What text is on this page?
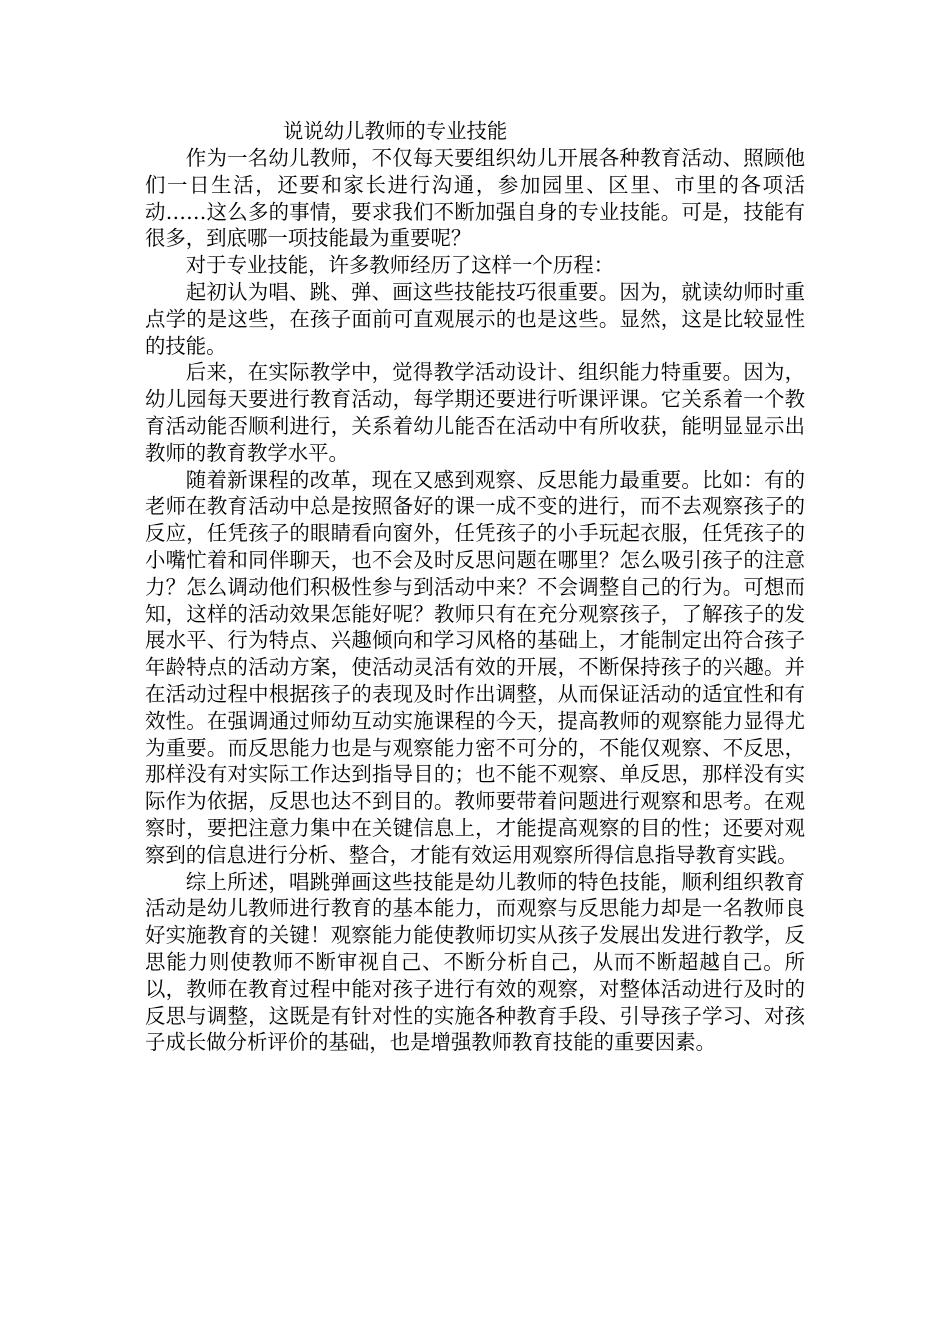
说说幼儿教师的专业技能

作为一名幼儿教师，不仅每天要组织幼儿开展各种教育活动、照顾他们一日生活，还要和家长进行沟通，参加园里、区里、市里的各项活动……这么多的事情，要求我们不断加强自身的专业技能。可是，技能有很多，到底哪一项技能最为重要呢？

对于专业技能，许多教师经历了这样一个历程：

起初认为唱、跳、弹、画这些技能技巧很重要。因为，就读幼师时重点学的是这些，在孩子面前可直观展示的也是这些。显然，这是比较显性的技能。

后来，在实际教学中，觉得教学活动设计、组织能力特重要。因为，幼儿园每天要进行教育活动，每学期还要进行听课评课。它关系着一个教育活动能否顺利进行，关系着幼儿能否在活动中有所收获，能明显显示出教师的教育教学水平。

随着新课程的改革，现在又感到观察、反思能力最重要。比如：有的老师在教育活动中总是按照备好的课一成不变的进行，而不去观察孩子的反应，任凭孩子的眼睛看向窗外，任凭孩子的小手玩起衣服，任凭孩子的小嘴忙着和同伴聊天，也不会及时反思问题在哪里？怎么吸引孩子的注意力？怎么调动他们积极性参与到活动中来？不会调整自己的行为。可想而知，这样的活动效果怎能好呢？教师只有在充分观察孩子，了解孩子的发展水平、行为特点、兴趣倾向和学习风格的基础上，才能制定出符合孩子年龄特点的活动方案，使活动灵活有效的开展，不断保持孩子的兴趣。并在活动过程中根据孩子的表现及时作出调整，从而保证活动的适宜性和有效性。在强调通过师幼互动实施课程的今天，提高教师的观察能力显得尤为重要。而反思能力也是与观察能力密不可分的，不能仅观察、不反思，那样没有对实际工作达到指导目的；也不能不观察、单反思，那样没有实际作为依据，反思也达不到目的。教师要带着问题进行观察和思考。在观察时，要把注意力集中在关键信息上，才能提高观察的目的性；还要对观察到的信息进行分析、整合，才能有效运用观察所得信息指导教育实践。

综上所述，唱跳弹画这些技能是幼儿教师的特色技能，顺利组织教育活动是幼儿教师进行教育的基本能力，而观察与反思能力却是一名教师良好实施教育的关键！观察能力能使教师切实从孩子发展出发进行教学，反思能力则使教师不断审视自己、不断分析自己，从而不断超越自己。所以，教师在教育过程中能对孩子进行有效的观察，对整体活动进行及时的反思与调整，这既是有针对性的实施各种教育手段、引导孩子学习、对孩子成长做分析评价的基础，也是增强教师教育技能的重要因素。
